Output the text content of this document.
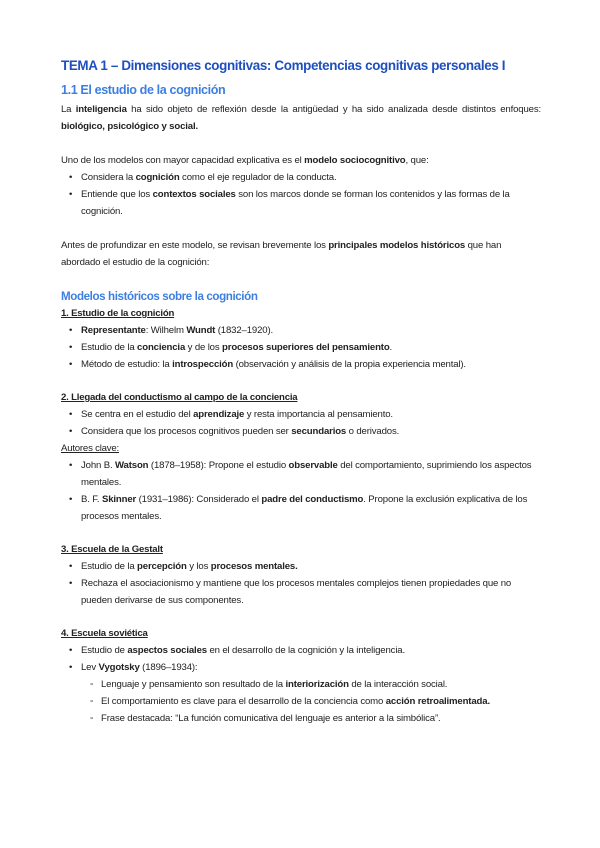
TEMA 1 – Dimensiones cognitivas: Competencias cognitivas personales I
1.1 El estudio de la cognición
La inteligencia ha sido objeto de reflexión desde la antigüedad y ha sido analizada desde distintos enfoques: biológico, psicológico y social.
Uno de los modelos con mayor capacidad explicativa es el modelo sociocognitivo, que:
• Considera la cognición como el eje regulador de la conducta.
• Entiende que los contextos sociales son los marcos donde se forman los contenidos y las formas de la cognición.
Antes de profundizar en este modelo, se revisan brevemente los principales modelos históricos que han abordado el estudio de la cognición:
Modelos históricos sobre la cognición
1. Estudio de la cognición
• Representante: Wilhelm Wundt (1832–1920).
• Estudio de la conciencia y de los procesos superiores del pensamiento.
• Método de estudio: la introspección (observación y análisis de la propia experiencia mental).
2. Llegada del conductismo al campo de la conciencia
• Se centra en el estudio del aprendizaje y resta importancia al pensamiento.
• Considera que los procesos cognitivos pueden ser secundarios o derivados.
Autores clave:
• John B. Watson (1878–1958): Propone el estudio observable del comportamiento, suprimiendo los aspectos mentales.
• B. F. Skinner (1931–1986): Considerado el padre del conductismo. Propone la exclusión explicativa de los procesos mentales.
3. Escuela de la Gestalt
• Estudio de la percepción y los procesos mentales.
• Rechaza el asociacionismo y mantiene que los procesos mentales complejos tienen propiedades que no pueden derivarse de sus componentes.
4. Escuela soviética
• Estudio de aspectos sociales en el desarrollo de la cognición y la inteligencia.
• Lev Vygotsky (1896–1934):
◦ Lenguaje y pensamiento son resultado de la interiorización de la interacción social.
◦ El comportamiento es clave para el desarrollo de la conciencia como acción retroalimentada.
◦ Frase destacada: “La función comunicativa del lenguaje es anterior a la simbólica”.
